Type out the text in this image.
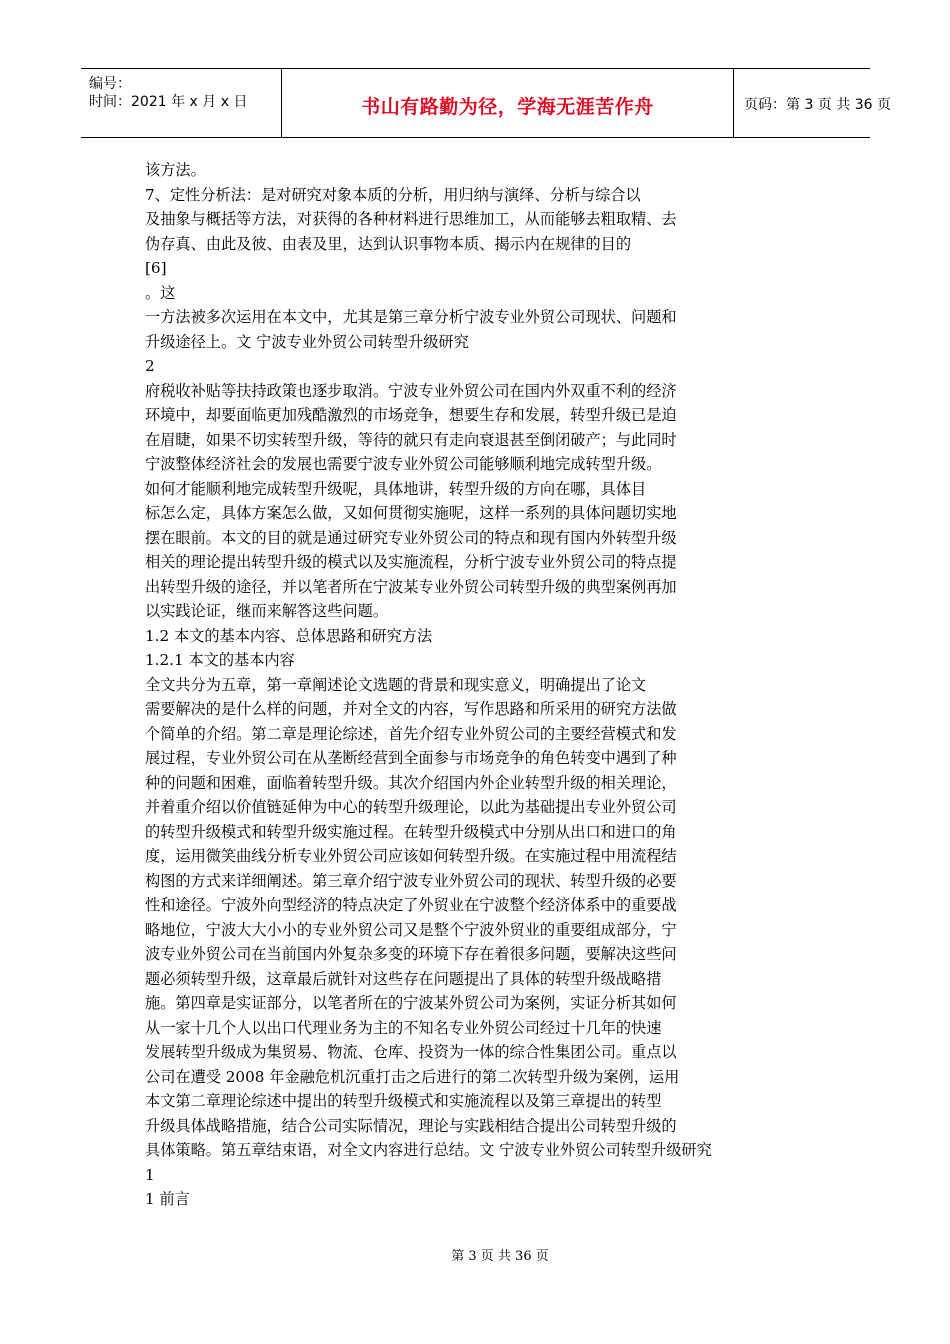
编号：
时间：2021 年 x 月 x 日	书山有路勤为径，学海无涯苦作舟	页码：第 3 页 共 36 页
该方法。
7、定性分析法：是对研究对象本质的分析，用归纳与演绎、分析与综合以
及抽象与概括等方法，对获得的各种材料进行思维加工，从而能够去粗取精、去
伪存真、由此及彼、由表及里，达到认识事物本质、揭示内在规律的目的
[6]
。这
一方法被多次运用在本文中，尤其是第三章分析宁波专业外贸公司现状、问题和
升级途径上。文 宁波专业外贸公司转型升级研究
2
府税收补贴等扶持政策也逐步取消。宁波专业外贸公司在国内外双重不利的经济
环境中，却要面临更加残酷激烈的市场竞争，想要生存和发展，转型升级已是迫
在眉睫，如果不切实转型升级，等待的就只有走向衰退甚至倒闭破产；与此同时
宁波整体经济社会的发展也需要宁波专业外贸公司能够顺利地完成转型升级。
如何才能顺利地完成转型升级呢，具体地讲，转型升级的方向在哪，具体目
标怎么定，具体方案怎么做，又如何贯彻实施呢，这样一系列的具体问题切实地
摆在眼前。本文的目的就是通过研究专业外贸公司的特点和现有国内外转型升级
相关的理论提出转型升级的模式以及实施流程，分析宁波专业外贸公司的特点提
出转型升级的途径，并以笔者所在宁波某专业外贸公司转型升级的典型案例再加
以实践论证，继而来解答这些问题。
1.2 本文的基本内容、总体思路和研究方法
1.2.1 本文的基本内容
全文共分为五章，第一章阐述论文选题的背景和现实意义，明确提出了论文
需要解决的是什么样的问题，并对全文的内容，写作思路和所采用的研究方法做
个简单的介绍。第二章是理论综述，首先介绍专业外贸公司的主要经营模式和发
展过程，专业外贸公司在从垄断经营到全面参与市场竞争的角色转变中遇到了种
种的问题和困难，面临着转型升级。其次介绍国内外企业转型升级的相关理论，
并着重介绍以价值链延伸为中心的转型升级理论，以此为基础提出专业外贸公司
的转型升级模式和转型升级实施过程。在转型升级模式中分别从出口和进口的角
度，运用微笑曲线分析专业外贸公司应该如何转型升级。在实施过程中用流程结
构图的方式来详细阐述。第三章介绍宁波专业外贸公司的现状、转型升级的必要
性和途径。宁波外向型经济的特点决定了外贸业在宁波整个经济体系中的重要战
略地位，宁波大大小小的专业外贸公司又是整个宁波外贸业的重要组成部分，宁
波专业外贸公司在当前国内外复杂多变的环境下存在着很多问题，要解决这些问
题必须转型升级，这章最后就针对这些存在问题提出了具体的转型升级战略措
施。第四章是实证部分，以笔者所在的宁波某外贸公司为案例，实证分析其如何
从一家十几个人以出口代理业务为主的不知名专业外贸公司经过十几年的快速
发展转型升级成为集贸易、物流、仓库、投资为一体的综合性集团公司。重点以
公司在遭受 2008 年金融危机沉重打击之后进行的第二次转型升级为案例，运用
本文第二章理论综述中提出的转型升级模式和实施流程以及第三章提出的转型
升级具体战略措施，结合公司实际情况，理论与实践相结合提出公司转型升级的
具体策略。第五章结束语，对全文内容进行总结。文 宁波专业外贸公司转型升级研究
1
1 前言
第 3 页 共 36 页
